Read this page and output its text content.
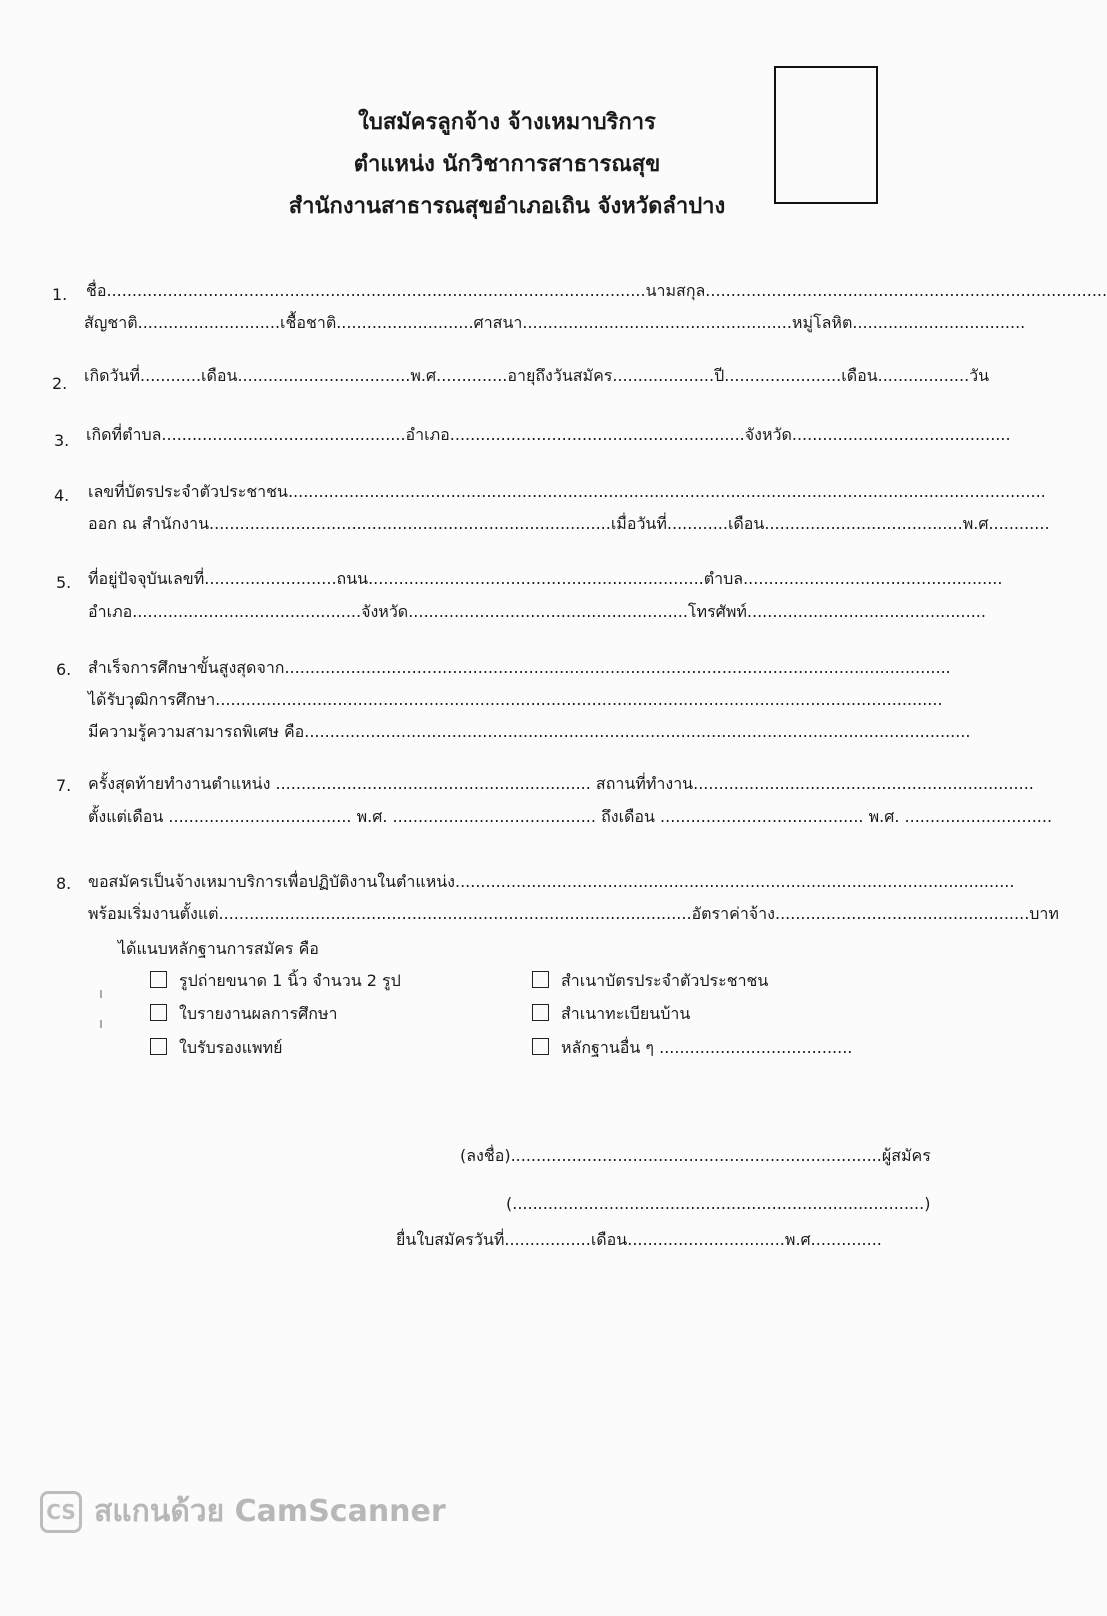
ใบสมัครลูกจ้าง จ้างเหมาบริการ
ตำแหน่ง นักวิชาการสาธารณสุข
สำนักงานสาธารณสุขอำเภอเถิน จังหวัดลำปาง
1. ชื่อ..........................................................................................................นามสกุล...............................................................................
สัญชาติ............................เชื้อชาติ...........................ศาสนา.....................................................หมู่โลหิต..................................
2. เกิดวันที่............เดือน..................................พ.ศ..............อายุถึงวันสมัคร....................ปี.......................เดือน..................วัน
3. เกิดที่ตำบล................................................อำเภอ..........................................................จังหวัด...........................................
4. เลขที่บัตรประจำตัวประชาชน.....................................................................................................................................................
ออก ณ สำนักงาน...............................................................................เมื่อวันที่............เดือน.......................................พ.ศ............
5. ที่อยู่ปัจจุบันเลขที่..........................ถนน..................................................................ตำบล...................................................
อำเภอ.............................................จังหวัด.......................................................โทรศัพท์...............................................
6. สำเร็จการศึกษาขั้นสูงสุดจาก...................................................................................................................................
ได้รับวุฒิการศึกษา...............................................................................................................................................
มีความรู้ความสามารถพิเศษ คือ...................................................................................................................................
7. ครั้งสุดท้ายทำงานตำแหน่ง .............................................................. สถานที่ทำงาน...................................................................
ตั้งแต่เดือน .................................... พ.ศ. ........................................ ถึงเดือน ........................................ พ.ศ. .............................
8. ขอสมัครเป็นจ้างเหมาบริการเพื่อปฏิบัติงานในตำแหน่ง..............................................................................................................
พร้อมเริ่มงานตั้งแต่.............................................................................................อัตราค่าจ้าง..................................................บาท
ได้แนบหลักฐานการสมัคร คือ
รูปถ่ายขนาด 1 นิ้ว จำนวน 2 รูป	สำเนาบัตรประจำตัวประชาชน
ใบรายงานผลการศึกษา	สำเนาทะเบียนบ้าน
ใบรับรองแพทย์	หลักฐานอื่น ๆ ......................................
(ลงชื่อ).........................................................................ผู้สมัคร
(.................................................................................)
ยื่นใบสมัครวันที่.................เดือน...............................พ.ศ..............
CS สแกนด้วย CamScanner
